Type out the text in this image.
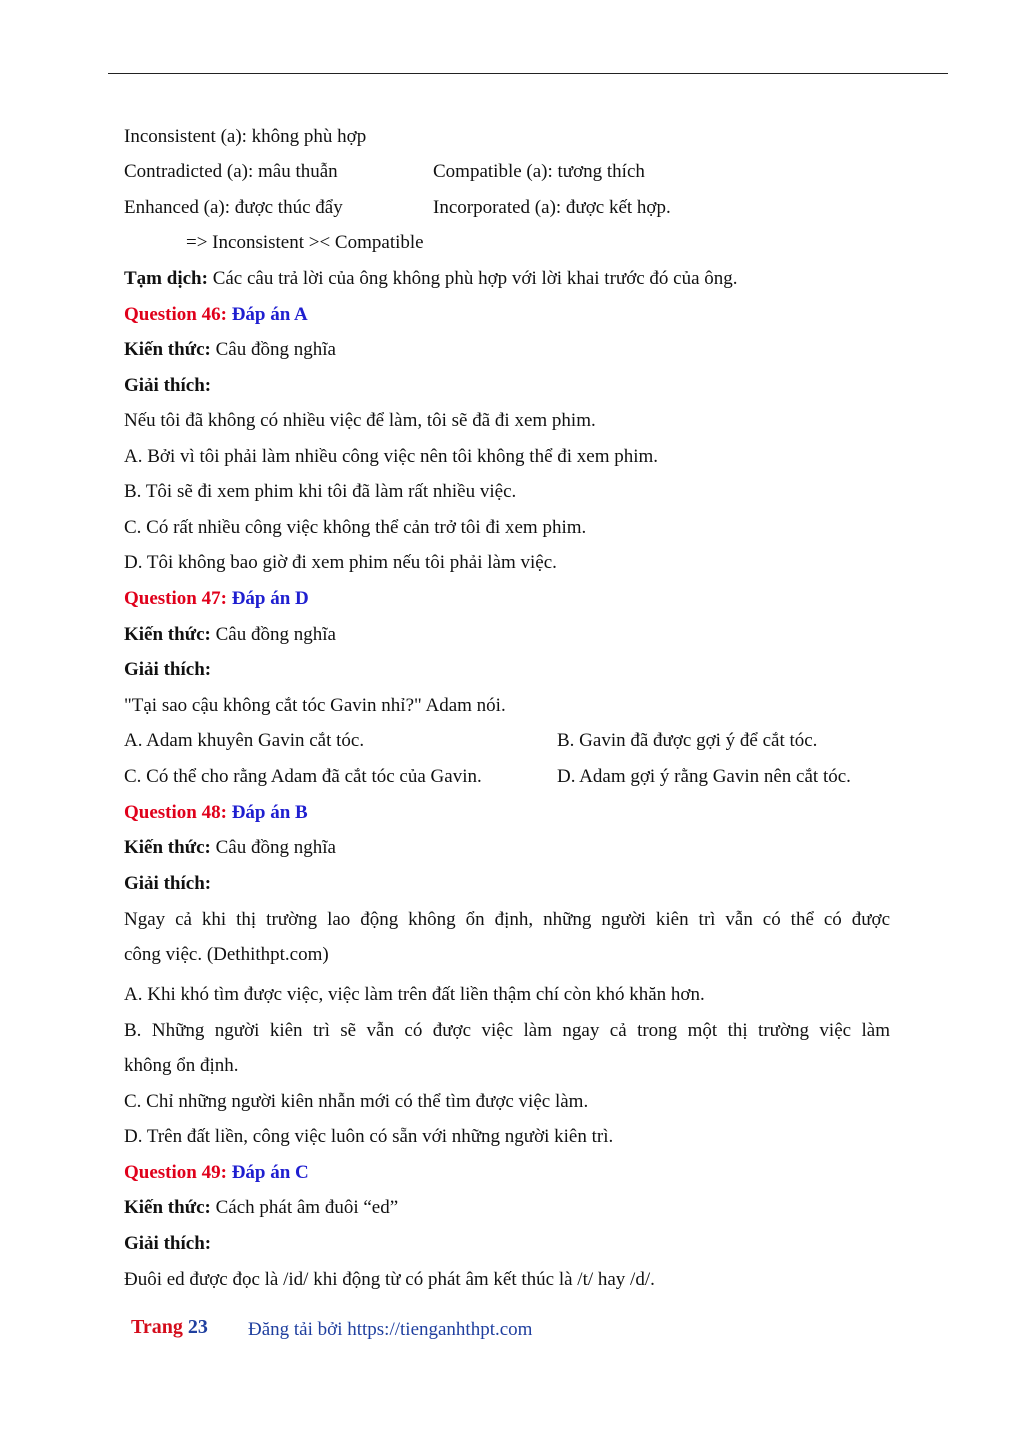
Inconsistent (a): không phù hợp
Contradicted (a): mâu thuẫn	Compatible (a): tương thích
Enhanced (a): được thúc đẩy	Incorporated (a): được kết hợp.
=> Inconsistent >< Compatible
Tạm dịch: Các câu trả lời của ông không phù hợp với lời khai trước đó của ông.
Question 46: Đáp án A
Kiến thức: Câu đồng nghĩa
Giải thích:
Nếu tôi đã không có nhiều việc để làm, tôi sẽ đã đi xem phim.
A. Bởi vì tôi phải làm nhiều công việc nên tôi không thể đi xem phim.
B. Tôi sẽ đi xem phim khi tôi đã làm rất nhiều việc.
C. Có rất nhiều công việc không thể cản trở tôi đi xem phim.
D. Tôi không bao giờ đi xem phim nếu tôi phải làm việc.
Question 47: Đáp án D
Kiến thức: Câu đồng nghĩa
Giải thích:
"Tại sao cậu không cắt tóc Gavin nhỉ?" Adam nói.
A. Adam khuyên Gavin cắt tóc.	B. Gavin đã được gợi ý để cắt tóc.
C. Có thể cho rằng Adam đã cắt tóc của Gavin.	D. Adam gợi ý rằng Gavin nên cắt tóc.
Question 48: Đáp án B
Kiến thức: Câu đồng nghĩa
Giải thích:
Ngay cả khi thị trường lao động không ổn định, những người kiên trì vẫn có thể có được
công việc. (Dethithpt.com)
A. Khi khó tìm được việc, việc làm trên đất liền thậm chí còn khó khăn hơn.
B. Những người kiên trì sẽ vẫn có được việc làm ngay cả trong một thị trường việc làm
không ổn định.
C. Chỉ những người kiên nhẫn mới có thể tìm được việc làm.
D. Trên đất liền, công việc luôn có sẵn với những người kiên trì.
Question 49: Đáp án C
Kiến thức: Cách phát âm đuôi “ed”
Giải thích:
Đuôi ed được đọc là /id/ khi động từ có phát âm kết thúc là /t/ hay /d/.
Trang 23 Đăng tải bởi https://tienganhthpt.com
